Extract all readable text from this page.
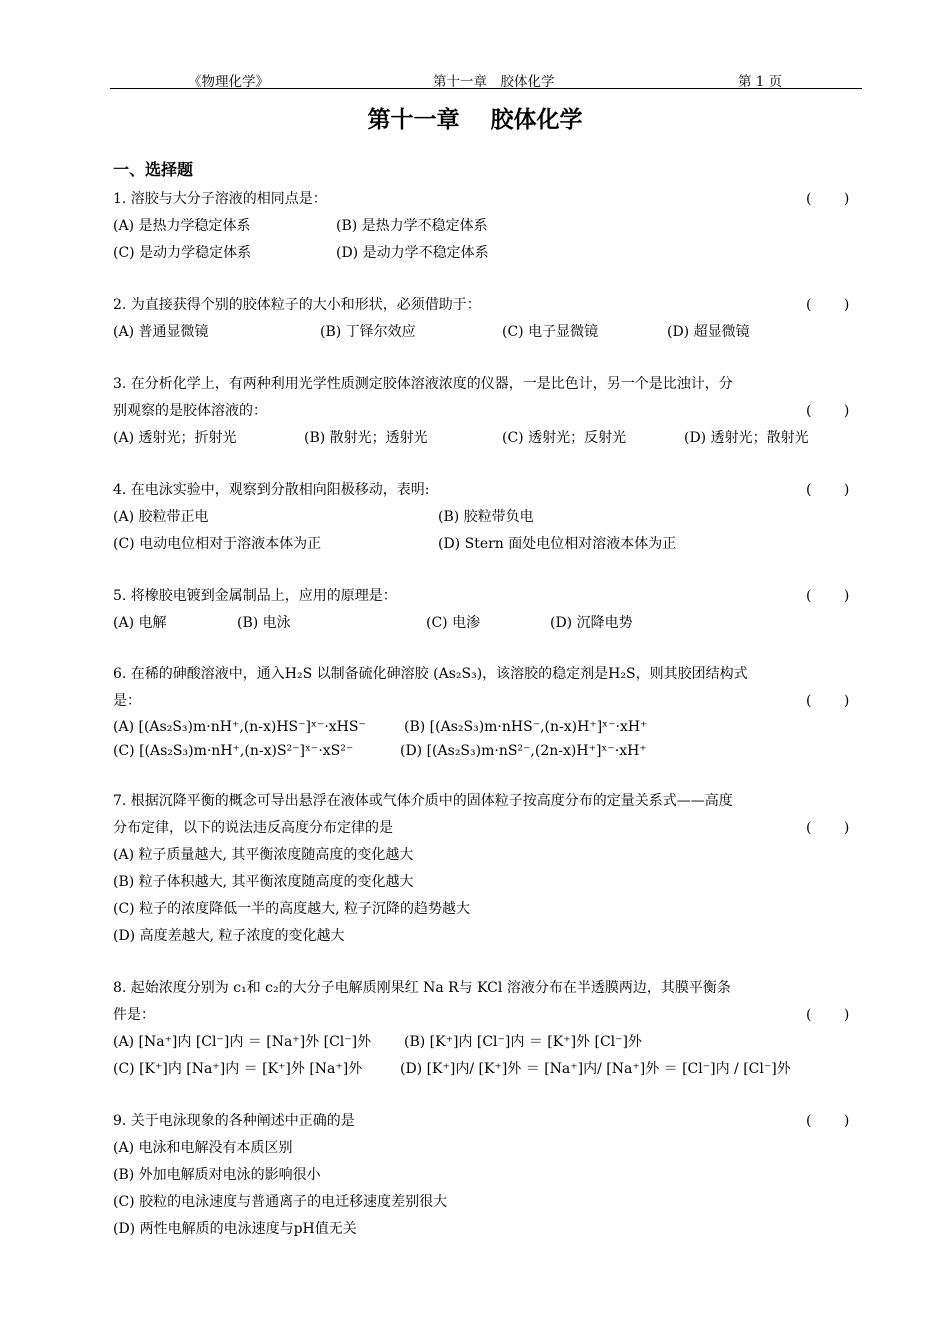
《物理化学》	第十一章　胶体化学	第 1 页
第十一章　 胶体化学
一、选择题
1. 溶胶与大分子溶液的相同点是：	(　　 )
(A) 是热力学稳定体系	(B) 是热力学不稳定体系
(C) 是动力学稳定体系	(D) 是动力学不稳定体系
2. 为直接获得个别的胶体粒子的大小和形状，必须借助于：	(　　 )
(A) 普通显微镜	(B) 丁铎尔效应	(C) 电子显微镜	(D) 超显微镜
3. 在分析化学上，有两种利用光学性质测定胶体溶液浓度的仪器，一是比色计，另一个是比浊计，分
别观察的是胶体溶液的：	(　　 )
(A) 透射光；折射光	(B) 散射光；透射光	(C) 透射光；反射光	(D) 透射光；散射光
4. 在电泳实验中，观察到分散相向阳极移动，表明:	(　　 )
(A) 胶粒带正电	(B) 胶粒带负电
(C) 电动电位相对于溶液本体为正	(D) Stern 面处电位相对溶液本体为正
5. 将橡胶电镀到金属制品上，应用的原理是：	(　　 )
(A) 电解	(B) 电泳	(C) 电渗	(D) 沉降电势
6. 在稀的砷酸溶液中，通入H₂S 以制备硫化砷溶胶 (As₂S₃)，该溶胶的稳定剂是H₂S，则其胶团结构式
是：	(　　 )
(A) [(As₂S₃)m·nH⁺,(n-x)HS⁻]ˣ⁻·xHS⁻	(B) [(As₂S₃)m·nHS⁻,(n-x)H⁺]ˣ⁻·xH⁺
(C) [(As₂S₃)m·nH⁺,(n-x)S²⁻]ˣ⁻·xS²⁻	(D) [(As₂S₃)m·nS²⁻,(2n-x)H⁺]ˣ⁻·xH⁺
7. 根据沉降平衡的概念可导出悬浮在液体或气体介质中的固体粒子按高度分布的定量关系式——高度
分布定律，以下的说法违反高度分布定律的是	(　　 )
(A) 粒子质量越大, 其平衡浓度随高度的变化越大
(B) 粒子体积越大, 其平衡浓度随高度的变化越大
(C) 粒子的浓度降低一半的高度越大, 粒子沉降的趋势越大
(D) 高度差越大, 粒子浓度的变化越大
8. 起始浓度分别为 c₁和 c₂的大分子电解质刚果红 Na R与 KCl 溶液分布在半透膜两边，其膜平衡条
件是：	(　　 )
(A) [Na⁺]内 [Cl⁻]内 ＝ [Na⁺]外 [Cl⁻]外 (B) [K⁺]内 [Cl⁻]内 ＝ [K⁺]外 [Cl⁻]外
(C) [K⁺]内 [Na⁺]内 ＝ [K⁺]外 [Na⁺]外	(D) [K⁺]内/ [K⁺]外 ＝ [Na⁺]内/ [Na⁺]外 ＝ [Cl⁻]内 / [Cl⁻]外
9. 关于电泳现象的各种阐述中正确的是	(　　 )
(A) 电泳和电解没有本质区别
(B) 外加电解质对电泳的影响很小
(C) 胶粒的电泳速度与普通离子的电迁移速度差别很大
(D) 两性电解质的电泳速度与pH值无关
